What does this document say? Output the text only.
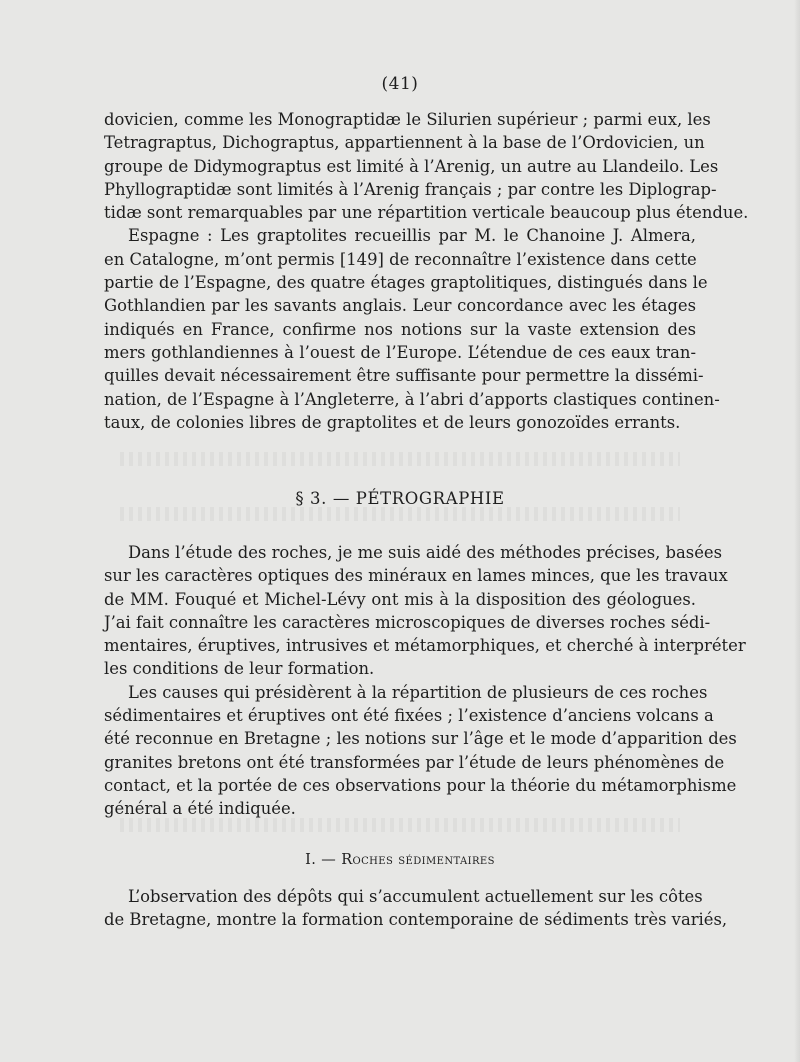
(41)
dovicien, comme les Monograptidæ le Silurien supérieur ; parmi eux, les
Tetragraptus, Dichograptus, appartiennent à la base de l’Ordovicien, un
groupe de Didymograptus est limité à l’Arenig, un autre au Llandeilo. Les
Phyllograptidæ sont limités à l’Arenig français ; par contre les Diplograp-
tidæ sont remarquables par une répartition verticale beaucoup plus étendue.
Espagne : Les graptolites recueillis par M. le Chanoine J. Almera,
en Catalogne, m’ont permis [149] de reconnaître l’existence dans cette
partie de l’Espagne, des quatre étages graptolitiques, distingués dans le
Gothlandien par les savants anglais. Leur concordance avec les étages
indiqués en France, confirme nos notions sur la vaste extension des
mers gothlandiennes à l’ouest de l’Europe. L’étendue de ces eaux tran-
quilles devait nécessairement être suffisante pour permettre la dissémi-
nation, de l’Espagne à l’Angleterre, à l’abri d’apports clastiques continen-
taux, de colonies libres de graptolites et de leurs gonozoïdes errants.
§ 3. — PÉTROGRAPHIE
Dans l’étude des roches, je me suis aidé des méthodes précises, basées
sur les caractères optiques des minéraux en lames minces, que les travaux
de MM. Fouqué et Michel-Lévy ont mis à la disposition des géologues.
J’ai fait connaître les caractères microscopiques de diverses roches sédi-
mentaires, éruptives, intrusives et métamorphiques, et cherché à interpréter
les conditions de leur formation.
Les causes qui présidèrent à la répartition de plusieurs de ces roches
sédimentaires et éruptives ont été fixées ; l’existence d’anciens volcans a
été reconnue en Bretagne ; les notions sur l’âge et le mode d’apparition des
granites bretons ont été transformées par l’étude de leurs phénomènes de
contact, et la portée de ces observations pour la théorie du métamorphisme
général a été indiquée.
I. — Roches sédimentaires
L’observation des dépôts qui s’accumulent actuellement sur les côtes
de Bretagne, montre la formation contemporaine de sédiments très variés,
